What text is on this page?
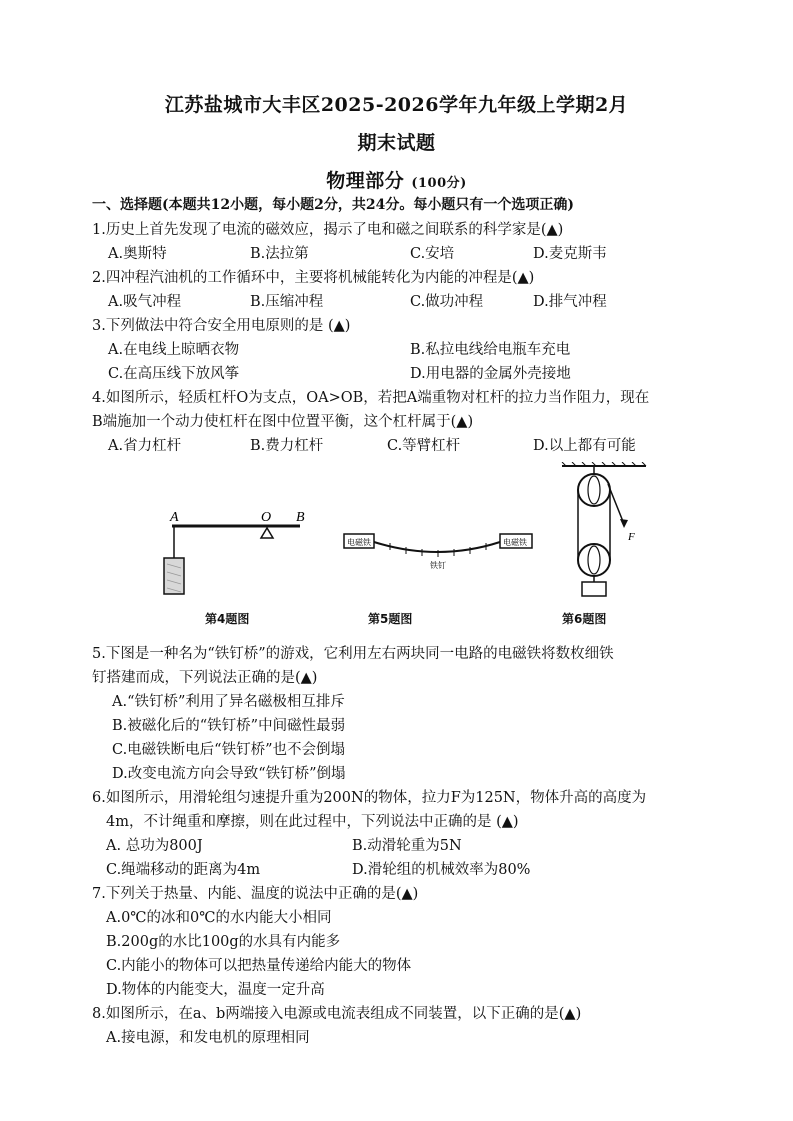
江苏盐城市大丰区2025-2026学年九年级上学期2月
期末试题
物理部分 (100分)
一、选择题(本题共12小题，每小题2分，共24分。每小题只有一个选项正确)
1.历史上首先发现了电流的磁效应，揭示了电和磁之间联系的科学家是(▲)
A.奥斯特	B.法拉第	C.安培	D.麦克斯韦
2.四冲程汽油机的工作循环中，主要将机械能转化为内能的冲程是(▲)
A.吸气冲程	B.压缩冲程	C.做功冲程	D.排气冲程
3.下列做法中符合安全用电原则的是 (▲)
A.在电线上晾晒衣物	B.私拉电线给电瓶车充电
C.在高压线下放风筝	D.用电器的金属外壳接地
4.如图所示，轻质杠杆O为支点，OA>OB，若把A端重物对杠杆的拉力当作阻力，现在
B端施加一个动力使杠杆在图中位置平衡，这个杠杆属于(▲)
A.省力杠杆	B.费力杠杆	C.等臂杠杆	D.以上都有可能
A	O B
第4题图
电磁铁	电磁铁
铁钉
第5题图
F
第6题图
5.下图是一种名为“铁钉桥”的游戏，它利用左右两块同一电路的电磁铁将数枚细铁
钉搭建而成，下列说法正确的是(▲)
A.“铁钉桥”利用了异名磁极相互排斥
B.被磁化后的“铁钉桥”中间磁性最弱
C.电磁铁断电后“铁钉桥”也不会倒塌
D.改变电流方向会导致“铁钉桥”倒塌
6.如图所示，用滑轮组匀速提升重为200N的物体，拉力F为125N，物体升高的高度为
4m，不计绳重和摩擦，则在此过程中，下列说法中正确的是 (▲)
A. 总功为800J	B.动滑轮重为5N
C.绳端移动的距离为4m	D.滑轮组的机械效率为80%
7.下列关于热量、内能、温度的说法中正确的是(▲)
A.0℃的冰和0℃的水内能大小相同
B.200g的水比100g的水具有内能多
C.内能小的物体可以把热量传递给内能大的物体
D.物体的内能变大，温度一定升高
8.如图所示，在a、b两端接入电源或电流表组成不同装置，以下正确的是(▲)
A.接电源，和发电机的原理相同
